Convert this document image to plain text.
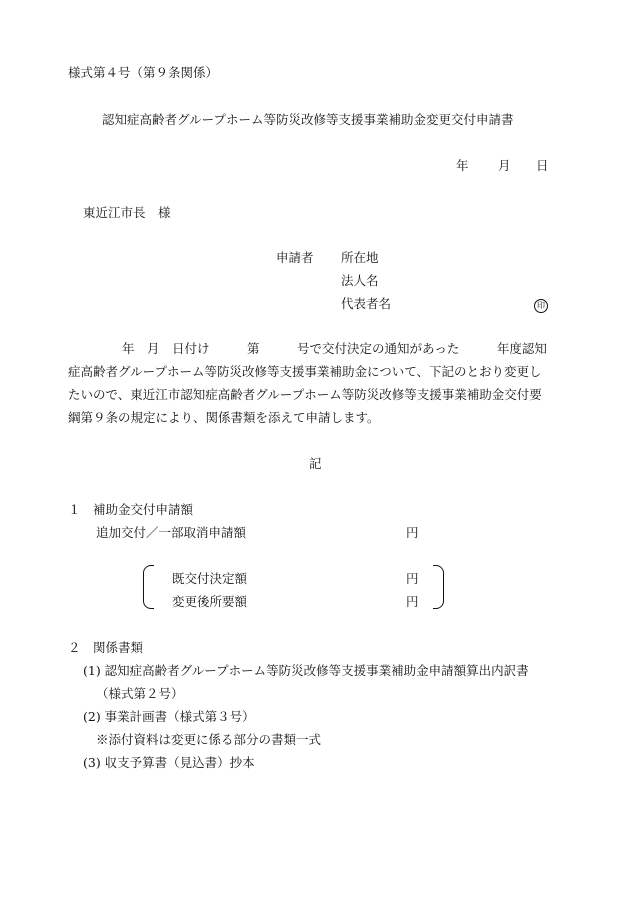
様式第４号（第９条関係）
認知症高齢者グループホーム等防災改修等支援事業補助金変更交付申請書
年 月 日
東近江市長　様
申請者 所在地
法人名
代表者名	印
年　月　日付け　　　第　　　号で交付決定の通知があった　　　年度認知
症高齢者グループホーム等防災改修等支援事業補助金について、下記のとおり変更し
たいので、東近江市認知症高齢者グループホーム等防災改修等支援事業補助金交付要
綱第９条の規定により、関係書類を添えて申請します。
記
１　補助金交付申請額
追加交付／一部取消申請額	円
既交付決定額	円
変更後所要額	円
２　関係書類
(1) 認知症高齢者グループホーム等防災改修等支援事業補助金申請額算出内訳書
（様式第２号）
(2) 事業計画書（様式第３号）
※添付資料は変更に係る部分の書類一式
(3) 収支予算書（見込書）抄本
